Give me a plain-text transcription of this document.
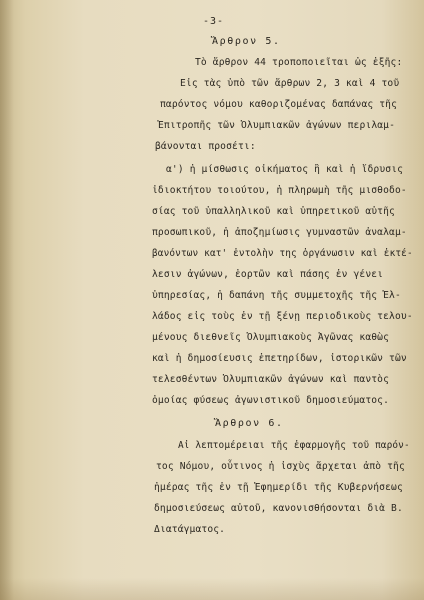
-3-
Ἄρθρον 5.
Τὸ ἄρθρον 44 τροποποιεῖται ὡς ἑξῆς:
Εἰς τὰς ὑπὸ τῶν ἄρθρων 2, 3 καὶ 4 τοῦ
παρόντος νόμου καθοριζομένας δαπάνας τῆς
Ἐπιτροπῆς τῶν Ὀλυμπιακῶν ἀγώνων περιλαμ-
βάνονται προσέτι:
α') ἡ μίσθωσις οἰκήματος ἢ καὶ ἡ ἵδρυσις
ἰδιοκτήτου τοιούτου, ἡ πληρωμὴ τῆς μισθοδο-
σίας τοῦ ὑπαλληλικοῦ καὶ ὑπηρετικοῦ αὐτῆς
προσωπικοῦ, ἡ ἀποζημίωσις γυμναστῶν ἀναλαμ-
βανόντων κατ' ἐντολὴν της ὀργάνωσιν καὶ ἐκτέ-
λεσιν ἀγώνων, ἑορτῶν καὶ πάσης ἐν γένει
ὑπηρεσίας, ἡ δαπάνη τῆς συμμετοχῆς τῆς Ἑλ-
λάδος εἰς τοὺς ἐν τῇ ξένῃ περιοδικοὺς τελου-
μένους διεθνεῖς Ὀλυμπιακοὺς Ἀγῶνας καθὼς
καὶ ἡ δημοσίευσις ἐπετηρίδων, ἱστορικῶν τῶν
τελεσθέντων Ὀλυμπιακῶν ἀγώνων καὶ παντὸς
ὁμοίας φύσεως ἀγωνιστικοῦ δημοσιεύματος.
Ἄρθρον 6.
Αἱ λεπτομέρειαι τῆς ἐφαρμογῆς τοῦ παρόν-
τος Νόμου, οὗτινος ἡ ἰσχὺς ἄρχεται ἀπὸ τῆς
ἡμέρας τῆς ἐν τῇ Ἐφημερίδι τῆς Κυβερνήσεως
δημοσιεύσεως αὐτοῦ, κανονισθήσονται διὰ Β.
Διατάγματος.
